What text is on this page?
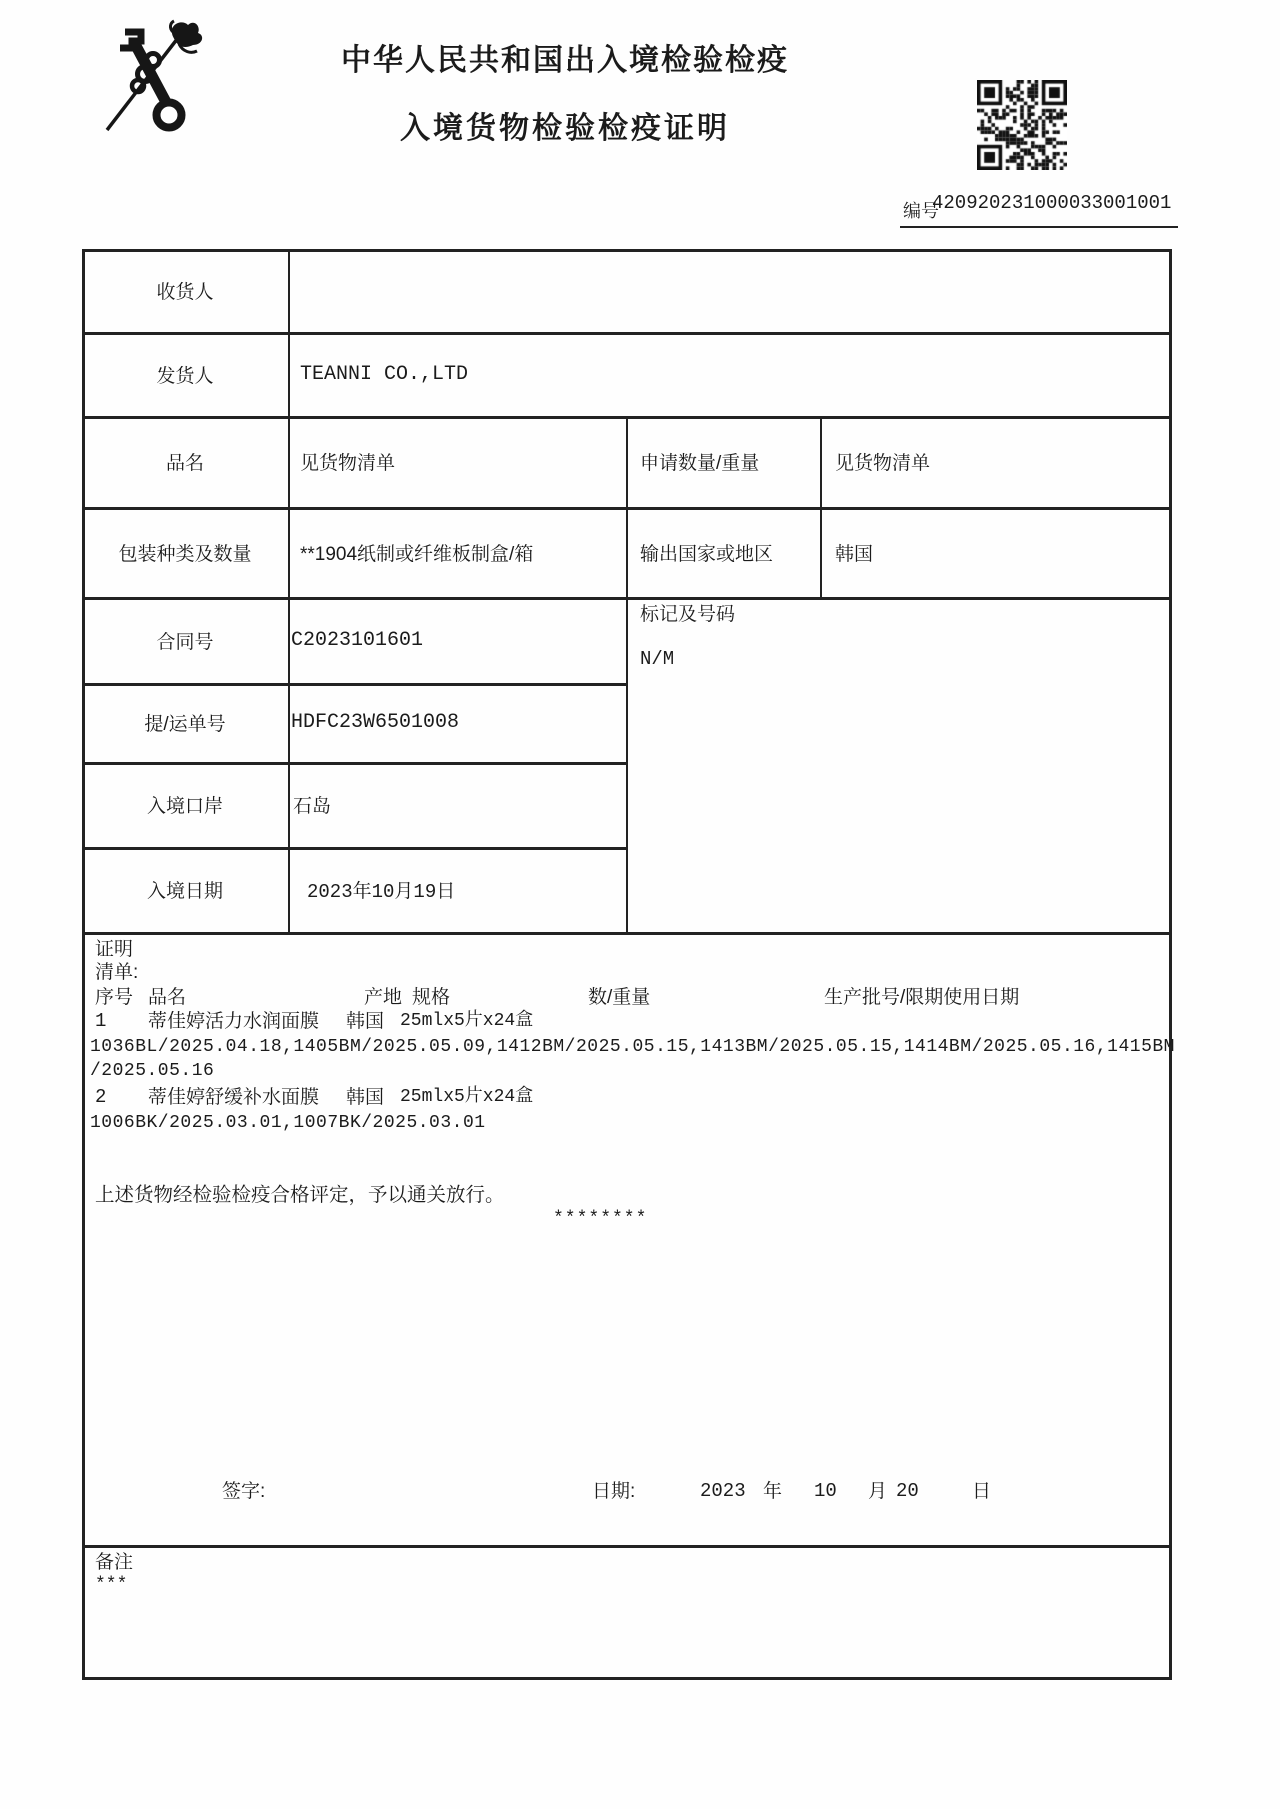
中华人民共和国出入境检验检疫
入境货物检验检疫证明
编号
420920231000033001001
收货人
发货人	TEANNI CO.,LTD
品名	见货物清单	申请数量/重量	见货物清单
包装种类及数量	**1904纸制或纤维板制盒/箱	输出国家或地区	韩国
合同号	C2023101601
标记及号码
N/M
提/运单号	HDFC23W6501008
入境口岸	石岛
入境日期	2023年10月19日
证明
清单:
序号 品名	产地 规格	数/重量	生产批号/限期使用日期
1 蒂佳婷活力水润面膜 韩国 25mlx5片x24盒
1036BL/2025.04.18,1405BM/2025.05.09,1412BM/2025.05.15,1413BM/2025.05.15,1414BM/2025.05.16,1415BM
/2025.05.16
2 蒂佳婷舒缓补水面膜 韩国 25mlx5片x24盒
1006BK/2025.03.01,1007BK/2025.03.01
上述货物经检验检疫合格评定，予以通关放行。
********
签字:	日期:	2023 年 10 月 20	日
备注
***
